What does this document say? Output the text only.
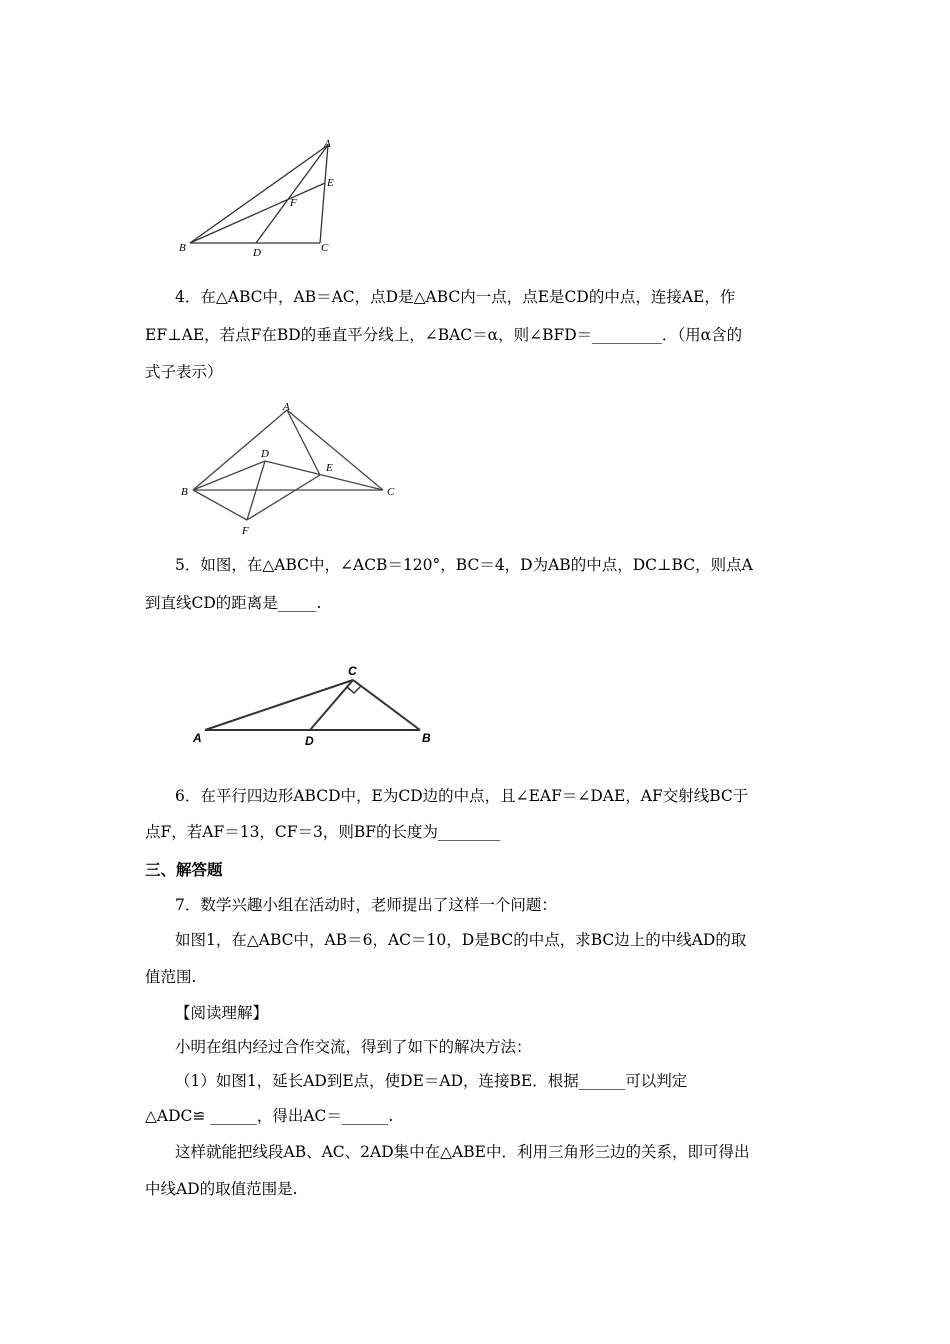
A
E
F
B	D	C
4．在△ABC中，AB＝AC，点D是△ABC内一点，点E是CD的中点，连接AE，作
EF⊥AE，若点F在BD的垂直平分线上，∠BAC＝α，则∠BFD＝_________．（用α含的
式子表示）
A
D
E
B	C
F
5．如图，在△ABC中，∠ACB＝120°，BC＝4，D为AB的中点，DC⊥BC，则点A
到直线CD的距离是_____.
C
A	D	B
6．在平行四边形ABCD中，E为CD边的中点，且∠EAF＝∠DAE，AF交射线BC于
点F，若AF＝13，CF＝3，则BF的长度为________
三、解答题
7．数学兴趣小组在活动时，老师提出了这样一个问题：
如图1，在△ABC中，AB＝6，AC＝10，D是BC的中点，求BC边上的中线AD的取
值范围.
【阅读理解】
小明在组内经过合作交流，得到了如下的解决方法：
（1）如图1，延长AD到E点，使DE＝AD，连接BE．根据______可以判定
△ADC≌ ______，得出AC＝______.
这样就能把线段AB、AC、2AD集中在△ABE中．利用三角形三边的关系，即可得出
中线AD的取值范围是.
